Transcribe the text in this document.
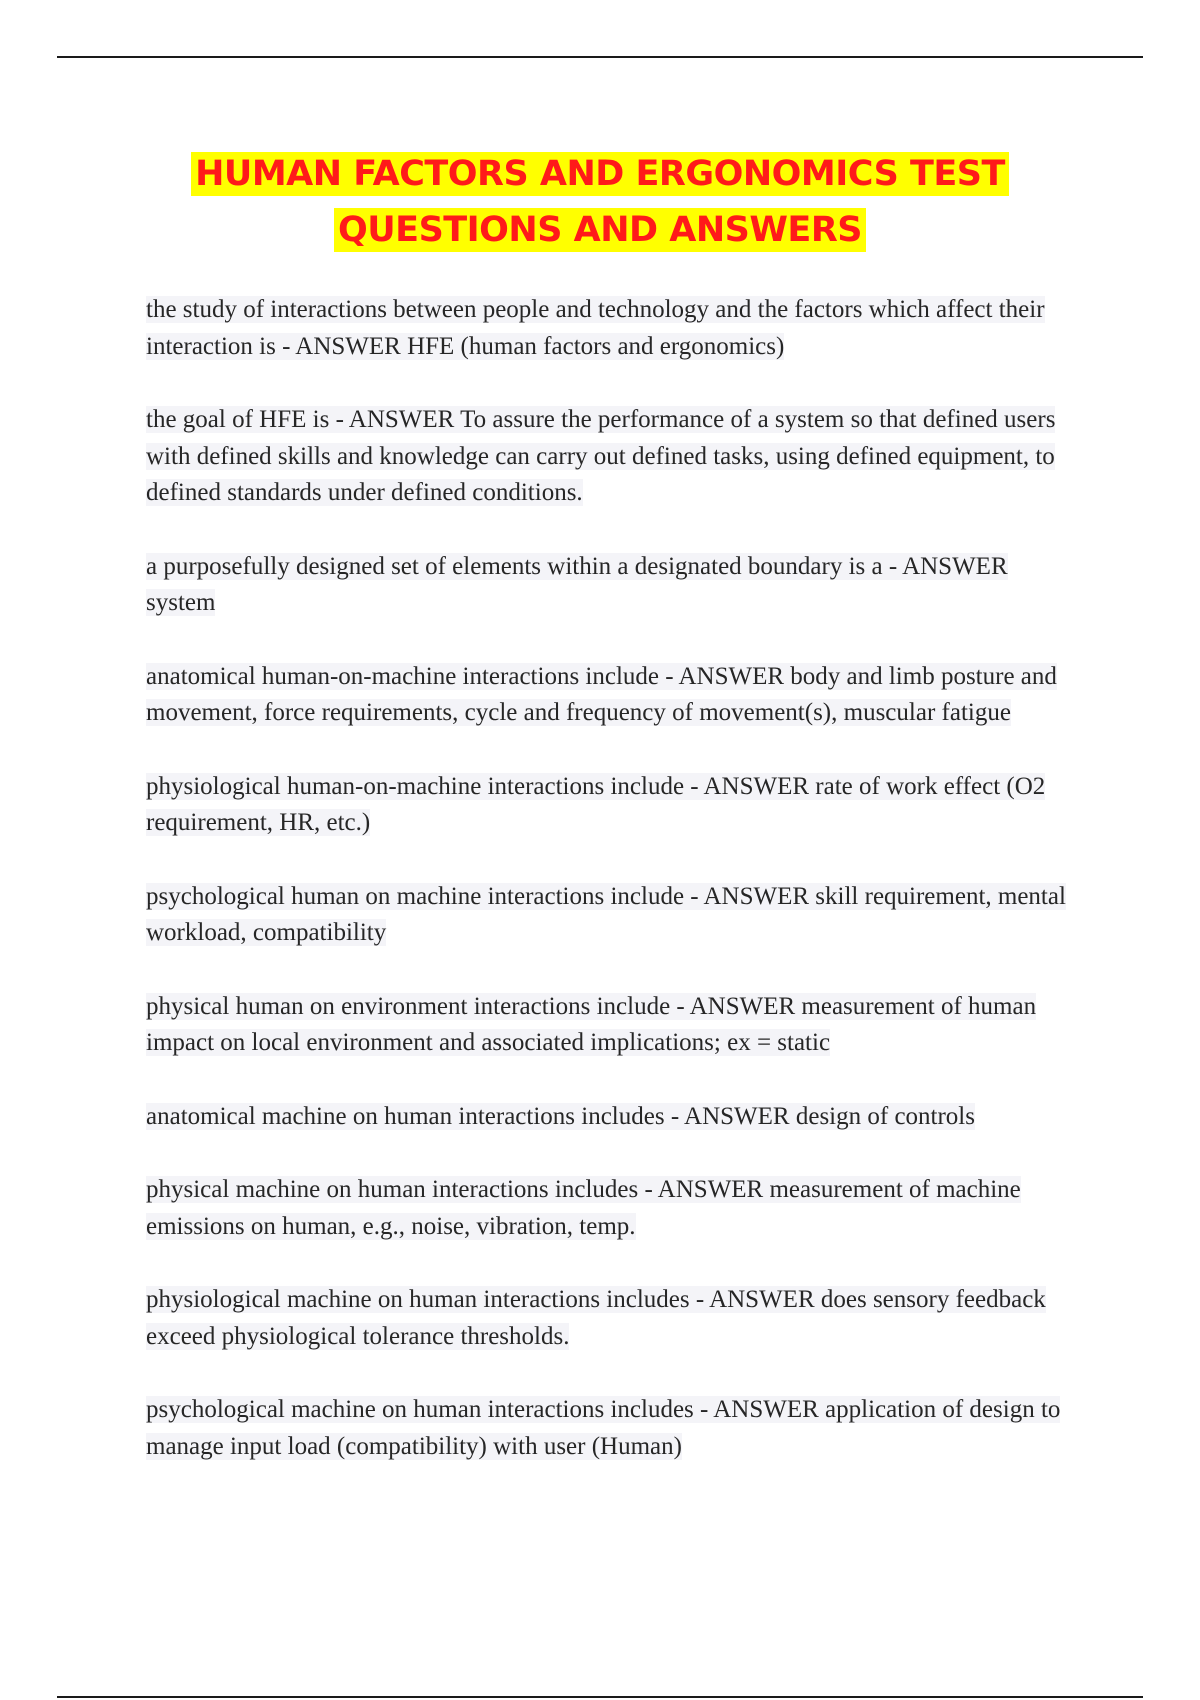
HUMAN FACTORS AND ERGONOMICS TEST
QUESTIONS AND ANSWERS

the study of interactions between people and technology and the factors which affect their interaction is - ANSWER HFE (human factors and ergonomics)

the goal of HFE is - ANSWER To assure the performance of a system so that defined users with defined skills and knowledge can carry out defined tasks, using defined equipment, to defined standards under defined conditions.

a purposefully designed set of elements within a designated boundary is a - ANSWER system

anatomical human-on-machine interactions include - ANSWER body and limb posture and movement, force requirements, cycle and frequency of movement(s), muscular fatigue

physiological human-on-machine interactions include - ANSWER rate of work effect (O2 requirement, HR, etc.)

psychological human on machine interactions include - ANSWER skill requirement, mental workload, compatibility

physical human on environment interactions include - ANSWER measurement of human impact on local environment and associated implications; ex = static

anatomical machine on human interactions includes - ANSWER design of controls

physical machine on human interactions includes - ANSWER measurement of machine emissions on human, e.g., noise, vibration, temp.

physiological machine on human interactions includes - ANSWER does sensory feedback exceed physiological tolerance thresholds.

psychological machine on human interactions includes - ANSWER application of design to manage input load (compatibility) with user (Human)
